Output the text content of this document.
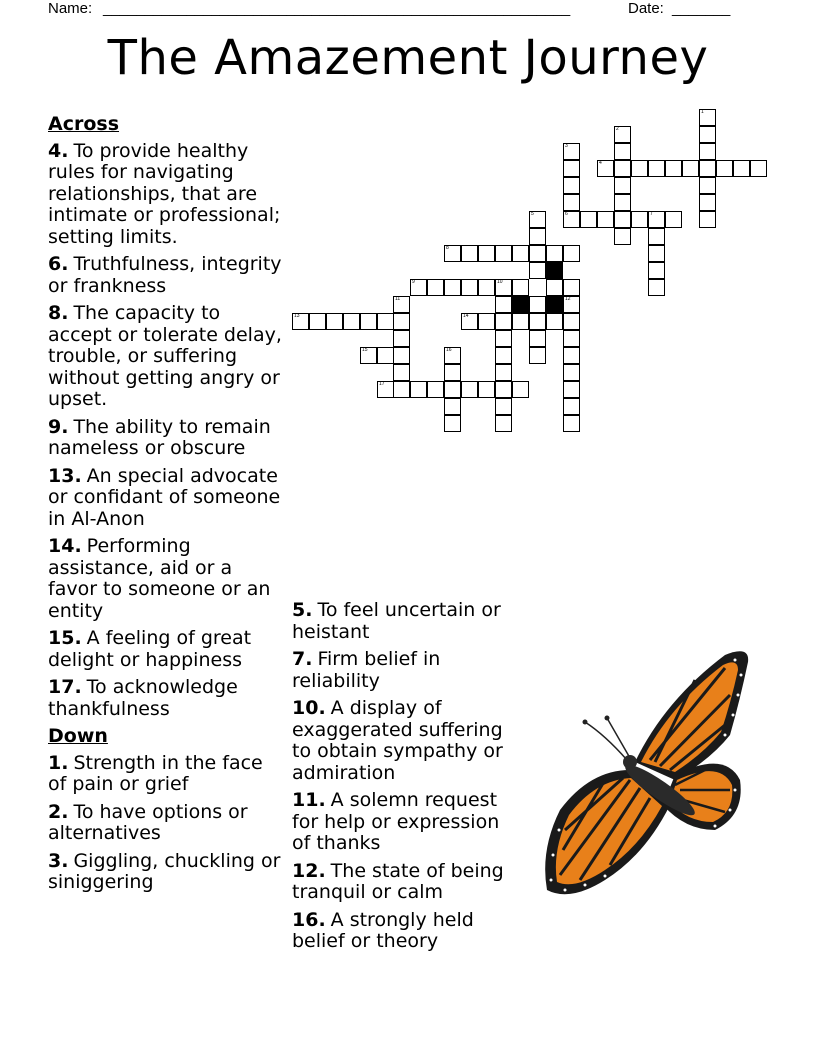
Name: ________________________________________________________	Date: _______
The Amazement Journey
1
2
3
4
6	7
5
8
9	10
11	12
13	14
15	16
17
Across
4. To provide healthy rules for navigating relationships, that are intimate or professional; setting limits.
6. Truthfulness, integrity or frankness
8. The capacity to accept or tolerate delay, trouble, or suffering without getting angry or upset.
9. The ability to remain nameless or obscure
13. An special advocate or confidant of someone in Al-Anon
14. Performing assistance, aid or a favor to someone or an entity
15. A feeling of great delight or happiness
17. To acknowledge thankfulness
Down
1. Strength in the face of pain or grief
2. To have options or alternatives
3. Giggling, chuckling or siniggering
5. To feel uncertain or heistant
7. Firm belief in reliability
10. A display of exaggerated suffering to obtain sympathy or admiration
11. A solemn request for help or expression of thanks
12. The state of being tranquil or calm
16. A strongly held belief or theory
